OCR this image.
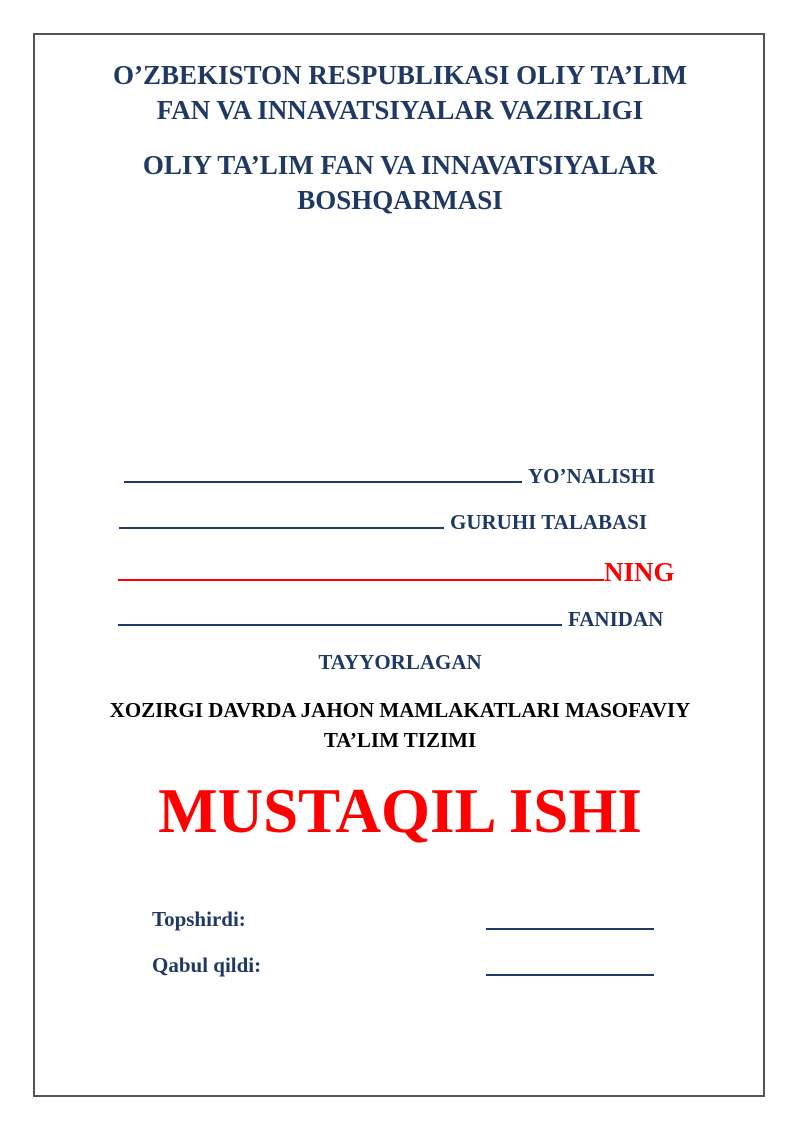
O’ZBEKISTON RESPUBLIKASI OLIY TA’LIM
FAN VA INNAVATSIYALAR VAZIRLIGI
OLIY TA’LIM FAN VA INNAVATSIYALAR
BOSHQARMASI
YO’NALISHI
GURUHI TALABASI
NING
FANIDAN
TAYYORLAGAN
XOZIRGI DAVRDA JAHON MAMLAKATLARI MASOFAVIY
TA’LIM TIZIMI
MUSTAQIL ISHI
Topshirdi:
Qabul qildi:
